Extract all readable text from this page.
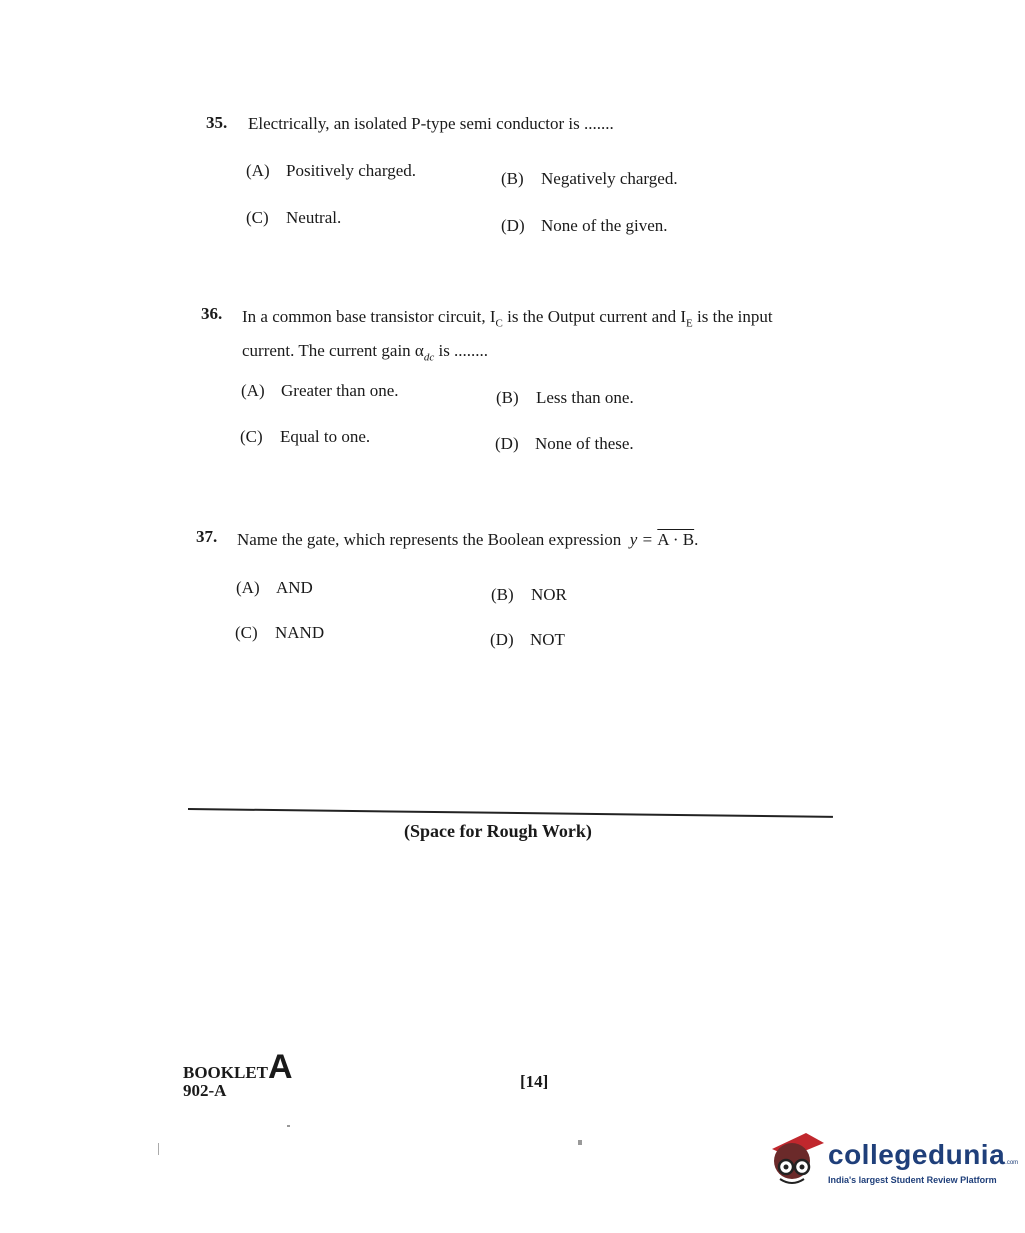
35. Electrically, an isolated P-type semi conductor is .......
(A) Positively charged.	(B) Negatively charged.
(C) Neutral.	(D) None of the given.
36. In a common base transistor circuit, $I_C$ is the Output current and $I_E$ is the input
current. The current gain $\alpha_{dc}$ is ........
(A) Greater than one.	(B) Less than one.
(C) Equal to one.	(D) None of these.
37. Name the gate, which represents the Boolean expression y = A · B.
(A) AND	(B) NOR
(C) NAND	(D) NOT
(Space for Rough Work)
BOOKLETA
902-A	[14]
collegedunia.com
India's largest Student Review Platform
